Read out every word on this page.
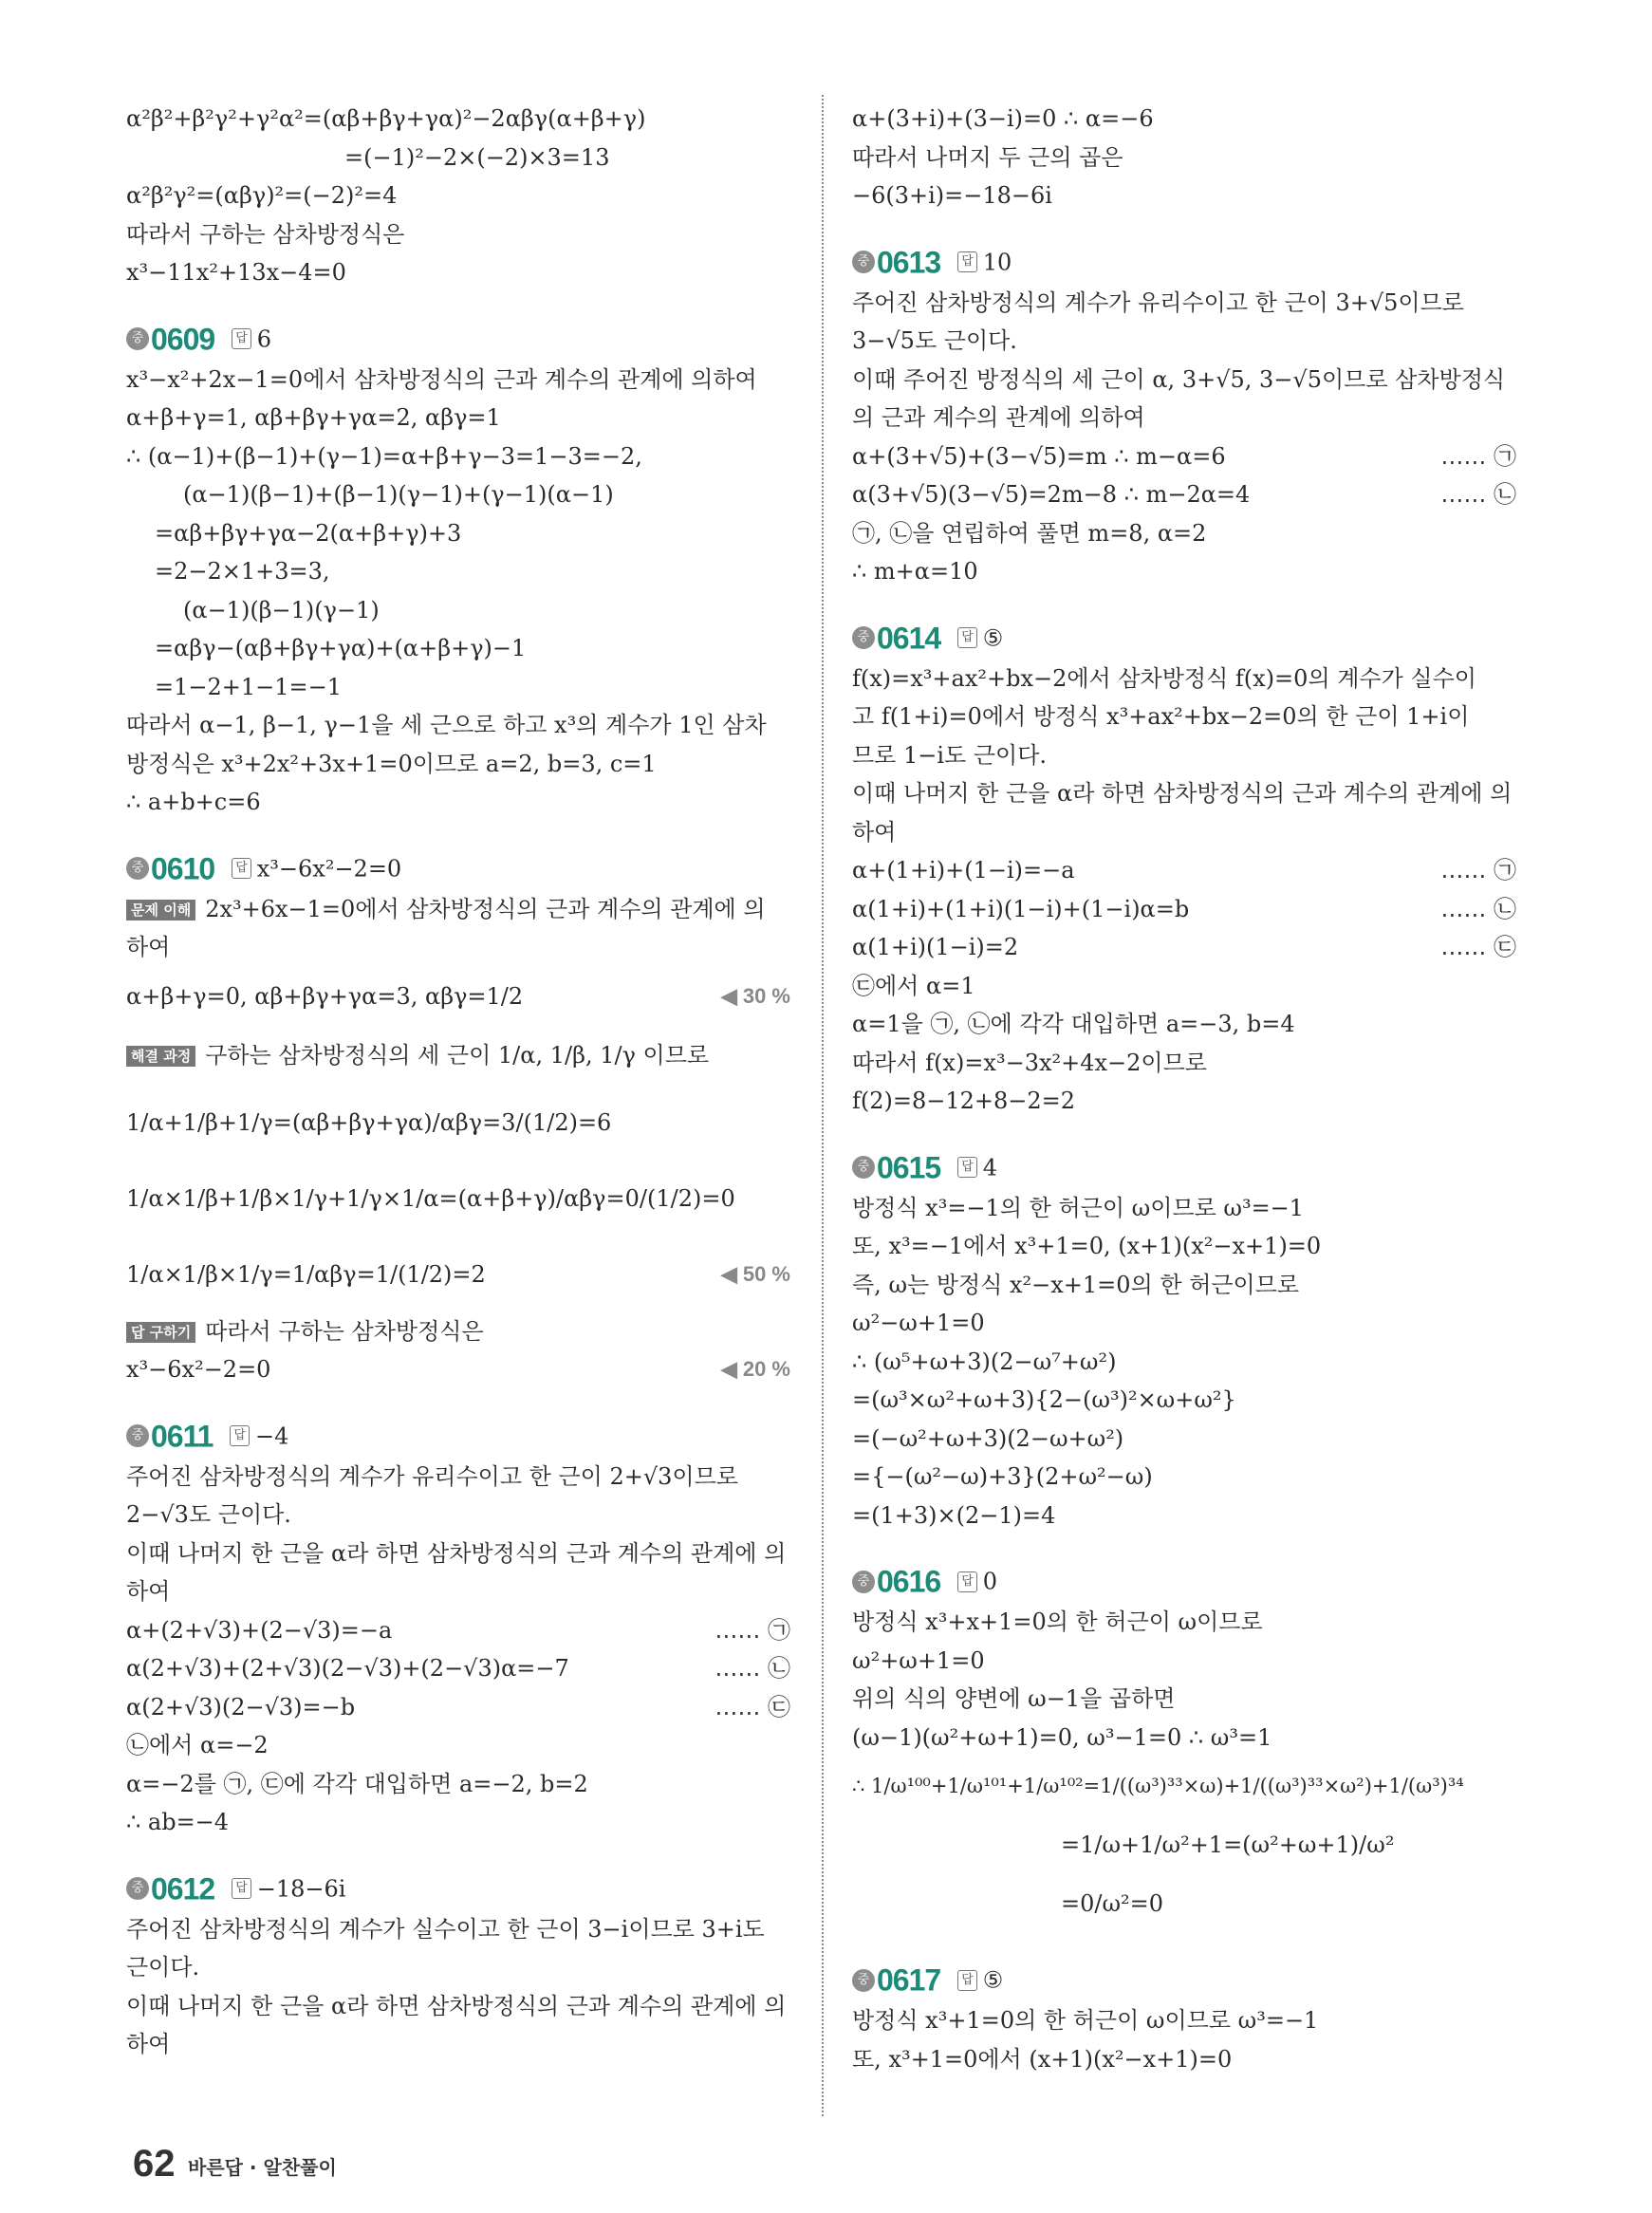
α²β²+β²γ²+γ²α²=(αβ+βγ+γα)²−2αβγ(α+β+γ)
=(−1)²−2×(−2)×3=13
α²β²γ²=(αβγ)²=(−2)²=4
따라서 구하는 삼차방정식은
x³−11x²+13x−4=0
중 0609 답 6
x³−x²+2x−1=0에서 삼차방정식의 근과 계수의 관계에 의하여
α+β+γ=1, αβ+βγ+γα=2, αβγ=1
∴ (α−1)+(β−1)+(γ−1)=α+β+γ−3=1−3=−2,
(α−1)(β−1)+(β−1)(γ−1)+(γ−1)(α−1)
=αβ+βγ+γα−2(α+β+γ)+3
=2−2×1+3=3,
(α−1)(β−1)(γ−1)
=αβγ−(αβ+βγ+γα)+(α+β+γ)−1
=1−2+1−1=−1
따라서 α−1, β−1, γ−1을 세 근으로 하고 x³의 계수가 1인 삼차
방정식은 x³+2x²+3x+1=0이므로 a=2, b=3, c=1
∴ a+b+c=6
중 0610 답 x³−6x²−2=0
문제 이해 2x³+6x−1=0에서 삼차방정식의 근과 계수의 관계에 의
하여
α+β+γ=0, αβ+βγ+γα=3, αβγ=1/2	◀ 30 %
해결 과정 구하는 삼차방정식의 세 근이 1/α, 1/β, 1/γ 이므로
1/α+1/β+1/γ=(αβ+βγ+γα)/αβγ=3/(1/2)=6
1/α×1/β+1/β×1/γ+1/γ×1/α=(α+β+γ)/αβγ=0/(1/2)=0
1/α×1/β×1/γ=1/αβγ=1/(1/2)=2	◀ 50 %
답 구하기 따라서 구하는 삼차방정식은
x³−6x²−2=0	◀ 20 %
중 0611 답 −4
주어진 삼차방정식의 계수가 유리수이고 한 근이 2+√3이므로
2−√3도 근이다.
이때 나머지 한 근을 α라 하면 삼차방정식의 근과 계수의 관계에 의
하여
α+(2+√3)+(2−√3)=−a	…… ㉠
α(2+√3)+(2+√3)(2−√3)+(2−√3)α=−7	…… ㉡
α(2+√3)(2−√3)=−b	…… ㉢
㉡에서 α=−2
α=−2를 ㉠, ㉢에 각각 대입하면 a=−2, b=2
∴ ab=−4
중 0612 답 −18−6i
주어진 삼차방정식의 계수가 실수이고 한 근이 3−i이므로 3+i도
근이다.
이때 나머지 한 근을 α라 하면 삼차방정식의 근과 계수의 관계에 의
하여
α+(3+i)+(3−i)=0 ∴ α=−6
따라서 나머지 두 근의 곱은
−6(3+i)=−18−6i
중 0613 답 10
주어진 삼차방정식의 계수가 유리수이고 한 근이 3+√5이므로
3−√5도 근이다.
이때 주어진 방정식의 세 근이 α, 3+√5, 3−√5이므로 삼차방정식
의 근과 계수의 관계에 의하여
α+(3+√5)+(3−√5)=m ∴ m−α=6	…… ㉠
α(3+√5)(3−√5)=2m−8 ∴ m−2α=4	…… ㉡
㉠, ㉡을 연립하여 풀면 m=8, α=2
∴ m+α=10
중 0614 답 ⑤
f(x)=x³+ax²+bx−2에서 삼차방정식 f(x)=0의 계수가 실수이
고 f(1+i)=0에서 방정식 x³+ax²+bx−2=0의 한 근이 1+i이
므로 1−i도 근이다.
이때 나머지 한 근을 α라 하면 삼차방정식의 근과 계수의 관계에 의
하여
α+(1+i)+(1−i)=−a	…… ㉠
α(1+i)+(1+i)(1−i)+(1−i)α=b	…… ㉡
α(1+i)(1−i)=2	…… ㉢
㉢에서 α=1
α=1을 ㉠, ㉡에 각각 대입하면 a=−3, b=4
따라서 f(x)=x³−3x²+4x−2이므로
f(2)=8−12+8−2=2
중 0615 답 4
방정식 x³=−1의 한 허근이 ω이므로 ω³=−1
또, x³=−1에서 x³+1=0, (x+1)(x²−x+1)=0
즉, ω는 방정식 x²−x+1=0의 한 허근이므로
ω²−ω+1=0
∴ (ω⁵+ω+3)(2−ω⁷+ω²)
=(ω³×ω²+ω+3){2−(ω³)²×ω+ω²}
=(−ω²+ω+3)(2−ω+ω²)
={−(ω²−ω)+3}(2+ω²−ω)
=(1+3)×(2−1)=4
중 0616 답 0
방정식 x³+x+1=0의 한 허근이 ω이므로
ω²+ω+1=0
위의 식의 양변에 ω−1을 곱하면
(ω−1)(ω²+ω+1)=0, ω³−1=0 ∴ ω³=1
∴ 1/ω¹⁰⁰+1/ω¹⁰¹+1/ω¹⁰²=1/((ω³)³³×ω)+1/((ω³)³³×ω²)+1/(ω³)³⁴
=1/ω+1/ω²+1=(ω²+ω+1)/ω²
=0/ω²=0
중 0617 답 ⑤
방정식 x³+1=0의 한 허근이 ω이므로 ω³=−1
또, x³+1=0에서 (x+1)(x²−x+1)=0
62 바른답 · 알찬풀이
